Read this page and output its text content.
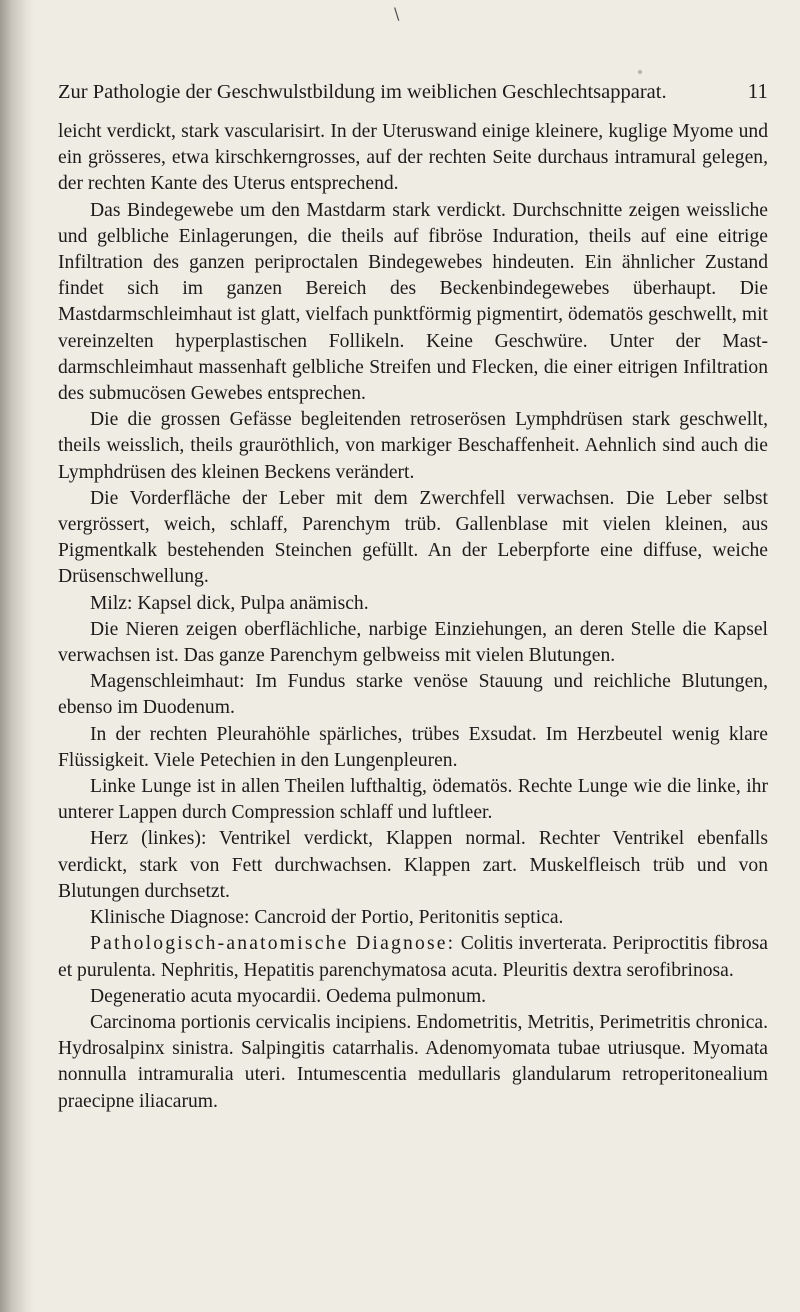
\
Zur Pathologie der Geschwulstbildung im weiblichen Geschlechtsapparat.	11

leicht verdickt, stark vascularisirt. In der Uteruswand einige kleinere, kuglige Myome und ein grösseres, etwa kirschkerngrosses, auf der rechten Seite durchaus intramural gelegen, der rechten Kante des Uterus entsprechend.

Das Bindegewebe um den Mastdarm stark verdickt. Durchschnitte zeigen weissliche und gelbliche Einlagerungen, die theils auf fibröse Induration, theils auf eine eitrige Infiltration des ganzen periproctalen Bindegewebes hindeuten. Ein ähnlicher Zustand findet sich im ganzen Bereich des Beckenbindegewebes überhaupt. Die Mastdarmschleimhaut ist glatt, vielfach punktförmig pigmentirt, ödematös geschwellt, mit vereinzelten hyperplastischen Follikeln. Keine Geschwüre. Unter der Mastdarmschleimhaut massenhaft gelbliche Streifen und Flecken, die einer eitrigen Infiltration des submucösen Gewebes entsprechen.

Die die grossen Gefässe begleitenden retroserösen Lymphdrüsen stark geschwellt, theils weisslich, theils grauröthlich, von markiger Beschaffenheit. Aehnlich sind auch die Lymphdrüsen des kleinen Beckens verändert.

Die Vorderfläche der Leber mit dem Zwerchfell verwachsen. Die Leber selbst vergrössert, weich, schlaff, Parenchym trüb. Gallenblase mit vielen kleinen, aus Pigmentkalk bestehenden Steinchen gefüllt. An der Leberpforte eine diffuse, weiche Drüsenschwellung.

Milz: Kapsel dick, Pulpa anämisch.

Die Nieren zeigen oberflächliche, narbige Einziehungen, an deren Stelle die Kapsel verwachsen ist. Das ganze Parenchym gelbweiss mit vielen Blutungen.

Magenschleimhaut: Im Fundus starke venöse Stauung und reichliche Blutungen, ebenso im Duodenum.

In der rechten Pleurahöhle spärliches, trübes Exsudat. Im Herzbeutel wenig klare Flüssigkeit. Viele Petechien in den Lungenpleuren.

Linke Lunge ist in allen Theilen lufthaltig, ödematös. Rechte Lunge wie die linke, ihr unterer Lappen durch Compression schlaff und luftleer.

Herz (linkes): Ventrikel verdickt, Klappen normal. Rechter Ventrikel ebenfalls verdickt, stark von Fett durchwachsen. Klappen zart. Muskelfleisch trüb und von Blutungen durchsetzt.

Klinische Diagnose: Cancroid der Portio, Peritonitis septica.

Pathologisch-anatomische Diagnose: Colitis inverterata. Periproctitis fibrosa et purulenta. Nephritis, Hepatitis parenchymatosa acuta. Pleuritis dextra serofibrinosa.

Degeneratio acuta myocardii. Oedema pulmonum.

Carcinoma portionis cervicalis incipiens. Endometritis, Metritis, Perimetritis chronica. Hydrosalpinx sinistra. Salpingitis catarrhalis. Adenomyomata tubae utriusque. Myomata nonnulla intramuralia uteri. Intumescentia medullaris glandularum retroperitonealium praecipne iliacarum.
